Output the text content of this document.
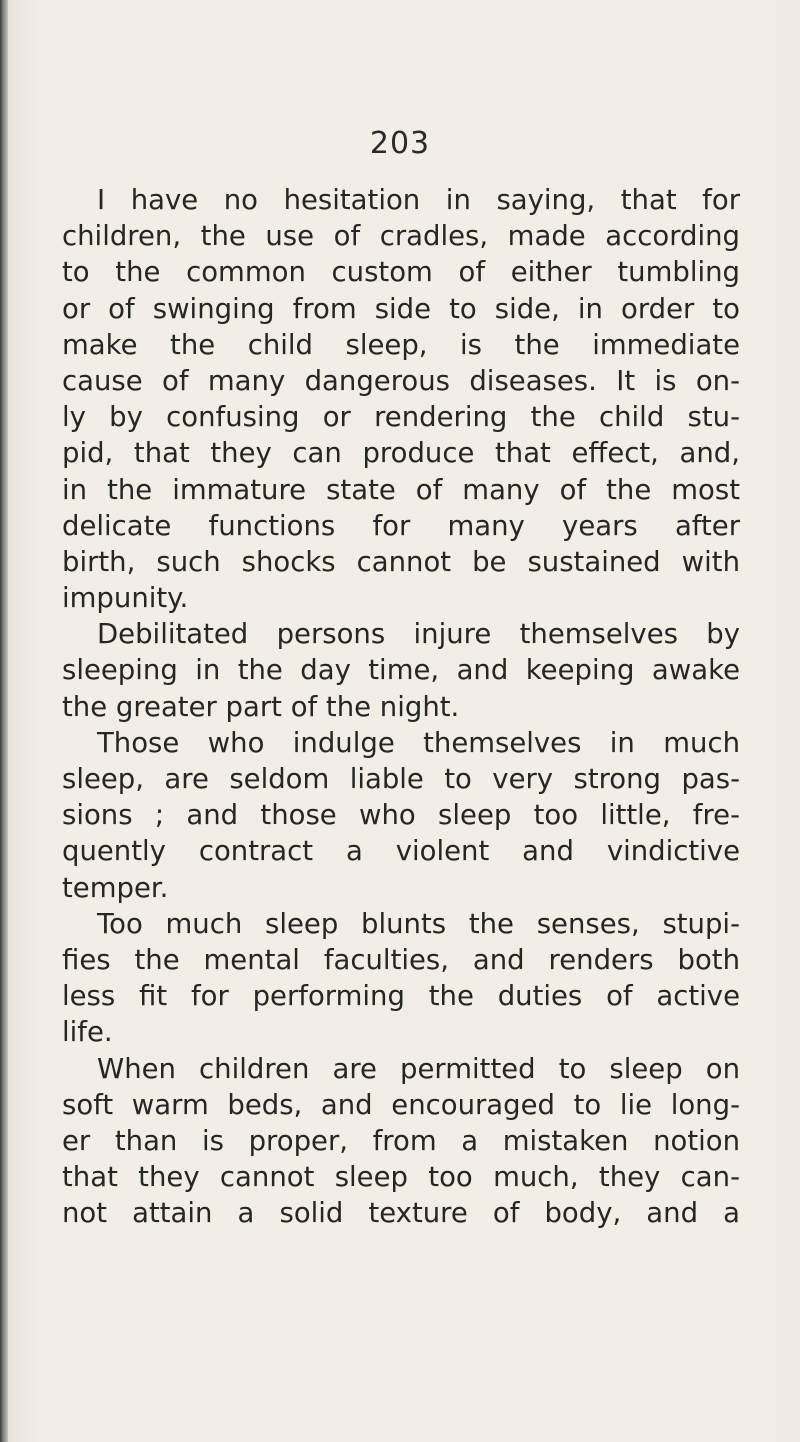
203
I have no hesitation in saying, that for
children, the use of cradles, made according
to the common custom of either tumbling
or of swinging from side to side, in order to
make the child sleep, is the immediate
cause of many dangerous diseases. It is on-
ly by confusing or rendering the child stu-
pid, that they can produce that effect, and,
in the immature state of many of the most
delicate functions for many years after
birth, such shocks cannot be sustained with
impunity.
Debilitated persons injure themselves by
sleeping in the day time, and keeping awake
the greater part of the night.
Those who indulge themselves in much
sleep, are seldom liable to very strong pas-
sions ; and those who sleep too little, fre-
quently contract a violent and vindictive
temper.
Too much sleep blunts the senses, stupi-
fies the mental faculties, and renders both
less fit for performing the duties of active
life.
When children are permitted to sleep on
soft warm beds, and encouraged to lie long-
er than is proper, from a mistaken notion
that they cannot sleep too much, they can-
not attain a solid texture of body, and a
